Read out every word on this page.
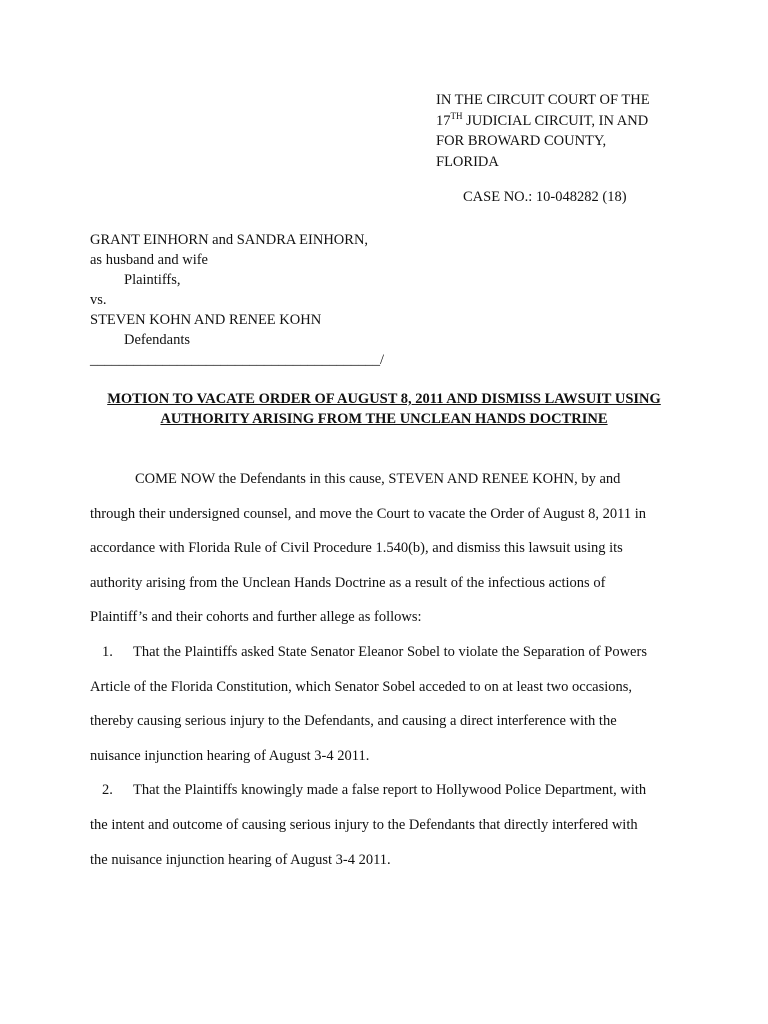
IN THE CIRCUIT COURT OF THE
17TH JUDICIAL CIRCUIT, IN AND
FOR BROWARD COUNTY,
FLORIDA
CASE NO.: 10-048282 (18)
GRANT EINHORN and SANDRA EINHORN,
as husband and wife
Plaintiffs,
vs.
STEVEN KOHN AND RENEE KOHN
Defendants
________________________________________/
MOTION TO VACATE ORDER OF AUGUST 8, 2011 AND DISMISS LAWSUIT USING
AUTHORITY ARISING FROM THE UNCLEAN HANDS DOCTRINE
COME NOW the Defendants in this cause, STEVEN AND RENEE KOHN, by and
through their undersigned counsel, and move the Court to vacate the Order of August 8, 2011 in
accordance with Florida Rule of Civil Procedure 1.540(b), and dismiss this lawsuit using its
authority arising from the Unclean Hands Doctrine as a result of the infectious actions of
Plaintiff’s and their cohorts and further allege as follows:
1. That the Plaintiffs asked State Senator Eleanor Sobel to violate the Separation of Powers
Article of the Florida Constitution, which Senator Sobel acceded to on at least two occasions,
thereby causing serious injury to the Defendants, and causing a direct interference with the
nuisance injunction hearing of August 3-4 2011.
2. That the Plaintiffs knowingly made a false report to Hollywood Police Department, with
the intent and outcome of causing serious injury to the Defendants that directly interfered with
the nuisance injunction hearing of August 3-4 2011.
